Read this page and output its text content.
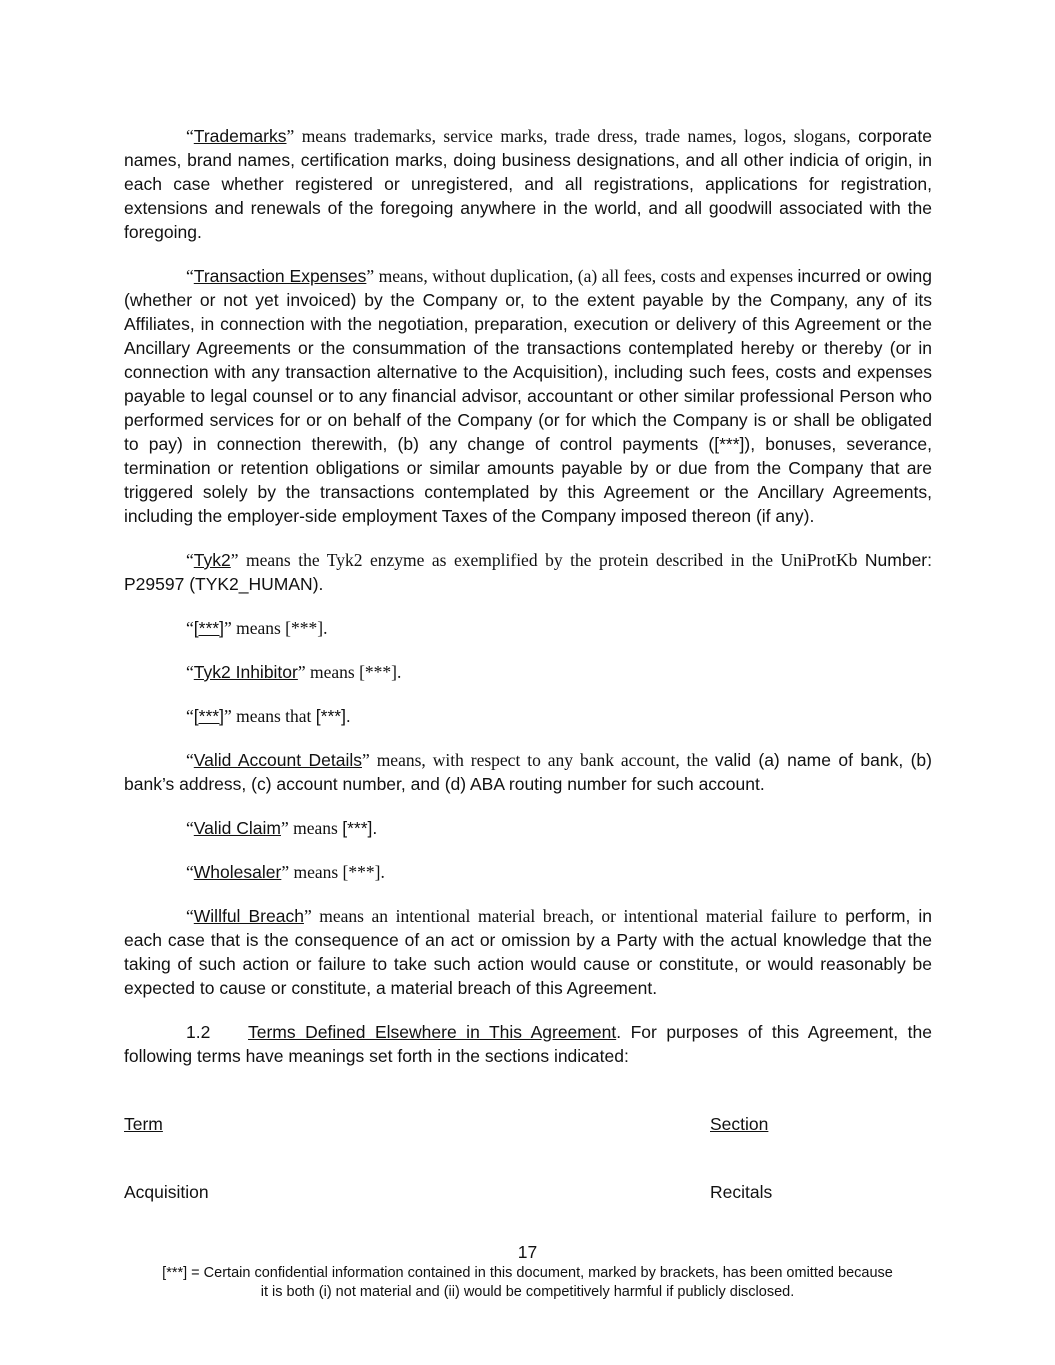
“Trademarks” means trademarks, service marks, trade dress, trade names, logos, slogans, corporate names, brand names, certification marks, doing business designations, and all other indicia of origin, in each case whether registered or unregistered, and all registrations, applications for registration, extensions and renewals of the foregoing anywhere in the world, and all goodwill associated with the foregoing.

“Transaction Expenses” means, without duplication, (a) all fees, costs and expenses incurred or owing (whether or not yet invoiced) by the Company or, to the extent payable by the Company, any of its Affiliates, in connection with the negotiation, preparation, execution or delivery of this Agreement or the Ancillary Agreements or the consummation of the transactions contemplated hereby or thereby (or in connection with any transaction alternative to the Acquisition), including such fees, costs and expenses payable to legal counsel or to any financial advisor, accountant or other similar professional Person who performed services for or on behalf of the Company (or for which the Company is or shall be obligated to pay) in connection therewith, (b) any change of control payments ([***]), bonuses, severance, termination or retention obligations or similar amounts payable by or due from the Company that are triggered solely by the transactions contemplated by this Agreement or the Ancillary Agreements, including the employer-side employment Taxes of the Company imposed thereon (if any).

“Tyk2” means the Tyk2 enzyme as exemplified by the protein described in the UniProtKb Number: P29597 (TYK2_HUMAN).

“[***]” means [***].

“Tyk2 Inhibitor” means [***].

“[***]” means that [***].

“Valid Account Details” means, with respect to any bank account, the valid (a) name of bank, (b) bank’s address, (c) account number, and (d) ABA routing number for such account.

“Valid Claim” means [***].

“Wholesaler” means [***].

“Willful Breach” means an intentional material breach, or intentional material failure to perform, in each case that is the consequence of an act or omission by a Party with the actual knowledge that the taking of such action or failure to take such action would cause or constitute, or would reasonably be expected to cause or constitute, a material breach of this Agreement.

1.2 Terms Defined Elsewhere in This Agreement. For purposes of this Agreement, the following terms have meanings set forth in the sections indicated:

Term	Section
Acquisition	Recitals
17
[***] = Certain confidential information contained in this document, marked by brackets, has been omitted because
it is both (i) not material and (ii) would be competitively harmful if publicly disclosed.
